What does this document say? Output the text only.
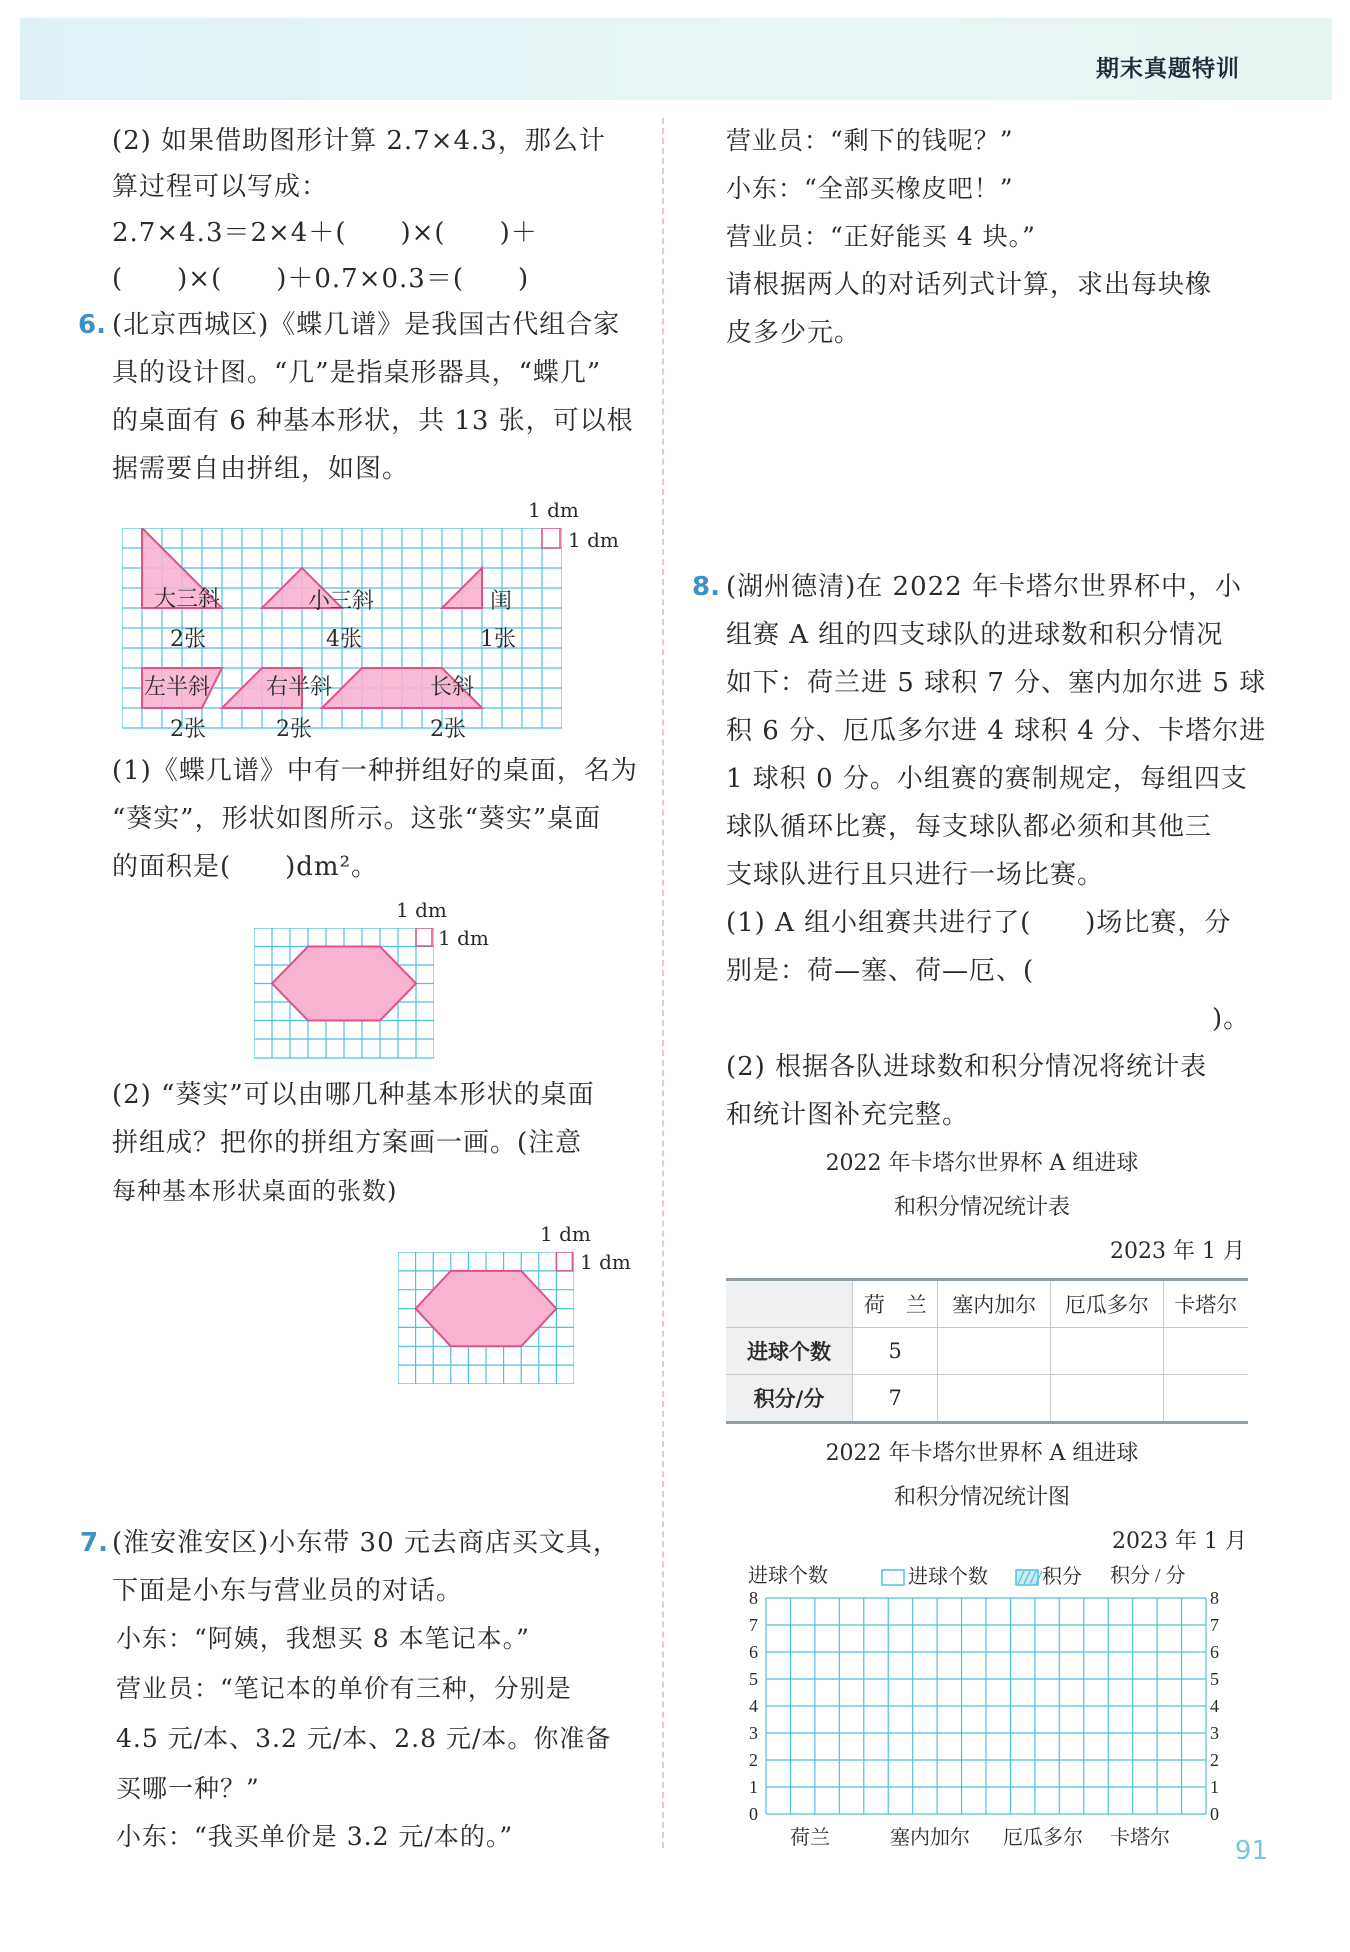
期末真题特训
(2) 如果借助图形计算 2.7×4.3，那么计
算过程可以写成：
2.7×4.3＝2×4＋(　　)×(　　)＋
(　　)×(　　)＋0.7×0.3＝(　　)
6. (北京西城区)《蝶几谱》是我国古代组合家
具的设计图。“几”是指桌形器具，“蝶几”
的桌面有 6 种基本形状，共 13 张，可以根
据需要自由拼组，如图。
1 dm
1 dm
大三斜
2张
小三斜
4张
闺
1张
左半斜
2张
右半斜
2张
长斜
2张
(1)《蝶几谱》中有一种拼组好的桌面，名为
“葵实”，形状如图所示。这张“葵实”桌面
的面积是(　　)dm²。
1 dm
1 dm
(2) “葵实”可以由哪几种基本形状的桌面
拼组成？把你的拼组方案画一画。(注意
每种基本形状桌面的张数)
1 dm
1 dm
7. (淮安淮安区)小东带 30 元去商店买文具，
下面是小东与营业员的对话。
小东：“阿姨，我想买 8 本笔记本。”
营业员：“笔记本的单价有三种，分别是
4.5 元/本、3.2 元/本、2.8 元/本。你准备
买哪一种？”
小东：“我买单价是 3.2 元/本的。”
营业员：“剩下的钱呢？”
小东：“全部买橡皮吧！”
营业员：“正好能买 4 块。”
请根据两人的对话列式计算，求出每块橡
皮多少元。
8. (湖州德清)在 2022 年卡塔尔世界杯中，小
组赛 A 组的四支球队的进球数和积分情况
如下：荷兰进 5 球积 7 分、塞内加尔进 5 球
积 6 分、厄瓜多尔进 4 球积 4 分、卡塔尔进
1 球积 0 分。小组赛的赛制规定，每组四支
球队循环比赛，每支球队都必须和其他三
支球队进行且只进行一场比赛。
(1) A 组小组赛共进行了(　　)场比赛，分
别是：荷—塞、荷—厄、(
)。
(2) 根据各队进球数和积分情况将统计表
和统计图补充完整。
2022 年卡塔尔世界杯 A 组进球
和积分情况统计表
2023 年 1 月
	荷　兰	塞内加尔	厄瓜多尔	卡塔尔
进球个数	5			
积分/分	7			
2022 年卡塔尔世界杯 A 组进球
和积分情况统计图
2023 年 1 月
进球个数	进球个数	积分 积分 / 分
0	0
1	1
2	2
3	3
4	4
5	5
6	6
7	7
8	8
荷兰	塞内加尔 厄瓜多尔 卡塔尔 91
